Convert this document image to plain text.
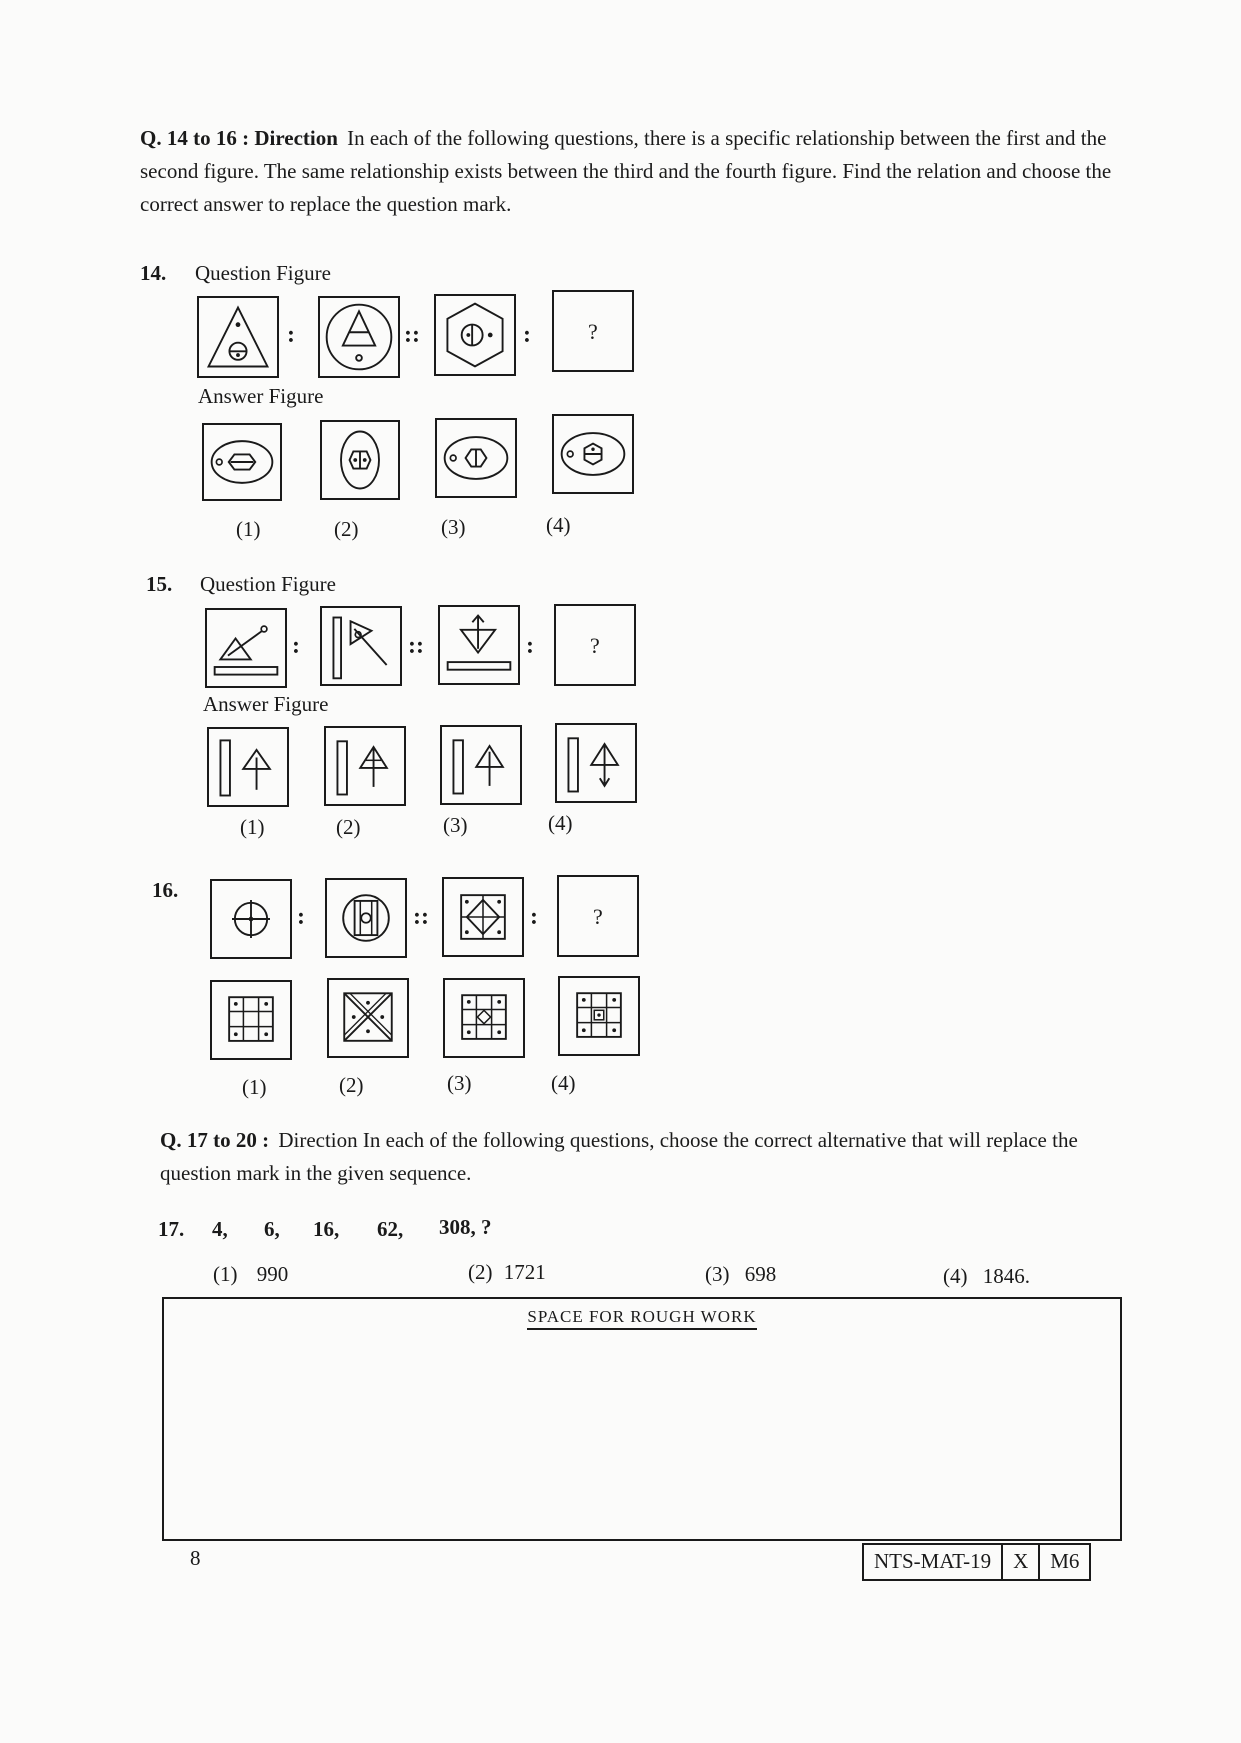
Q. 14 to 16 : Direction In each of the following questions, there is a specific relationship between the first and the second figure. The same relationship exists between the third and the fourth figure. Find the relation and choose the correct answer to replace the question mark.
14. Question Figure
:	::	:	?
Answer Figure
(1)	(2)	(3)	(4)
15. Question Figure
:	::	:	?
Answer Figure
(1)	(2)	(3)	(4)
16.
:	::	:	?
(1)	(2)	(3)	(4)
Q. 17 to 20 : Direction In each of the following questions, choose the correct alternative that will replace the question mark in the given sequence.
17. 4, 6, 16, 62, 308, ?
(1) 990	(2) 1721	(3) 698	(4) 1846.
SPACE FOR ROUGH WORK
8	NTS-MAT-19	X	M6
